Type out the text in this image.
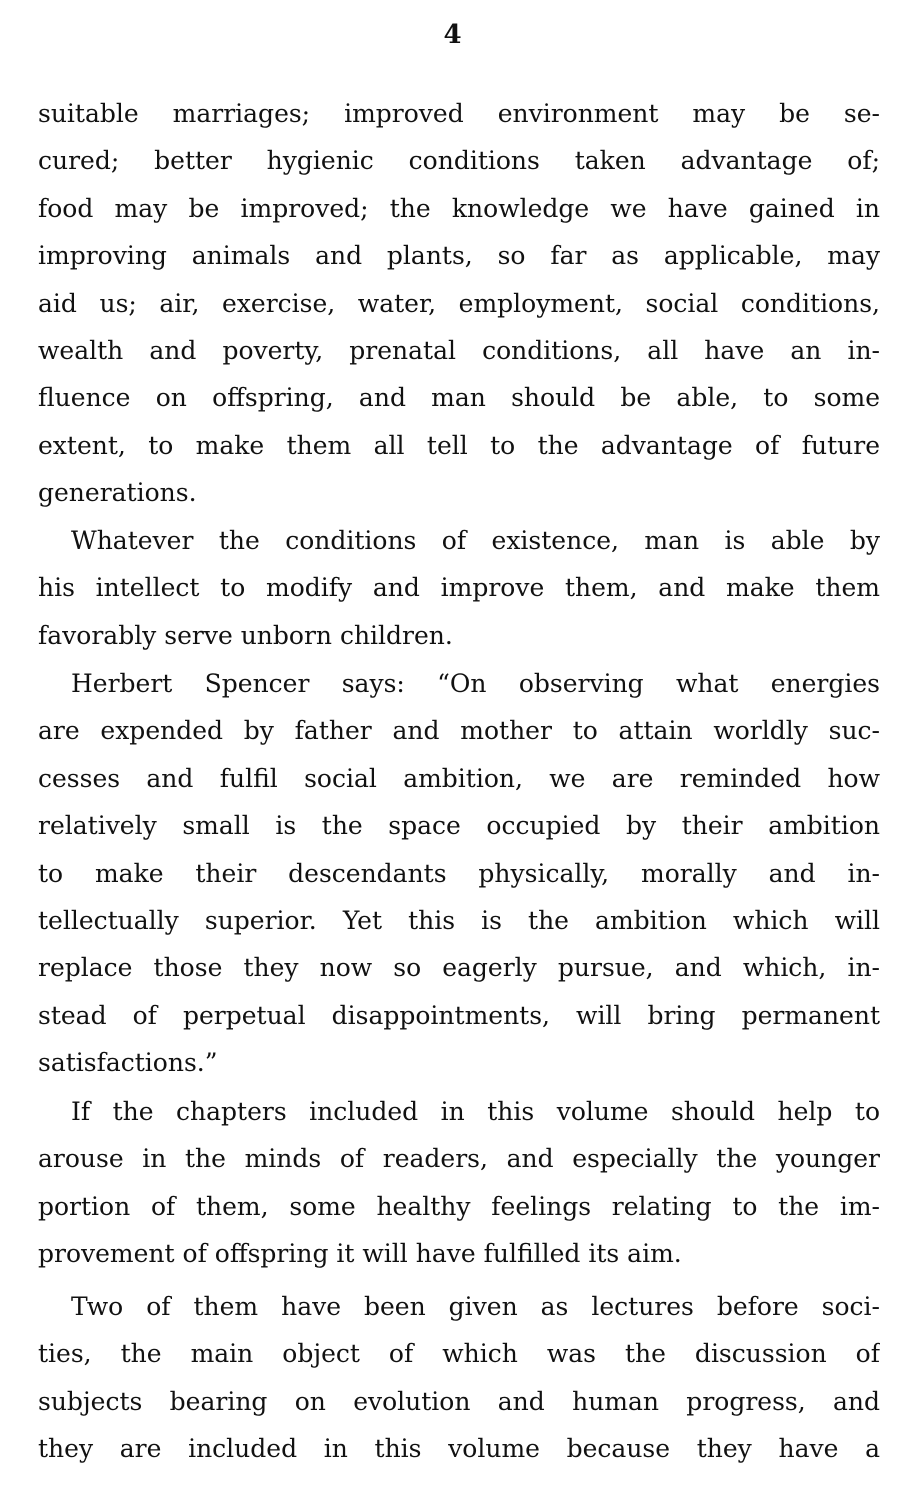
4
suitable marriages; improved environment may be se-
cured; better hygienic conditions taken advantage of;
food may be improved; the knowledge we have gained in
improving animals and plants, so far as applicable, may
aid us; air, exercise, water, employment, social conditions,
wealth and poverty, prenatal conditions, all have an in-
fluence on offspring, and man should be able, to some
extent, to make them all tell to the advantage of future
generations.
Whatever the conditions of existence, man is able by
his intellect to modify and improve them, and make them
favorably serve unborn children.
Herbert Spencer says: “On observing what energies
are expended by father and mother to attain worldly suc-
cesses and fulfil social ambition, we are reminded how
relatively small is the space occupied by their ambition
to make their descendants physically, morally and in-
tellectually superior. Yet this is the ambition which will
replace those they now so eagerly pursue, and which, in-
stead of perpetual disappointments, will bring permanent
satisfactions.”
If the chapters included in this volume should help to
arouse in the minds of readers, and especially the younger
portion of them, some healthy feelings relating to the im-
provement of offspring it will have fulfilled its aim.
Two of them have been given as lectures before soci-
ties, the main object of which was the discussion of
subjects bearing on evolution and human progress, and
they are included in this volume because they have a
